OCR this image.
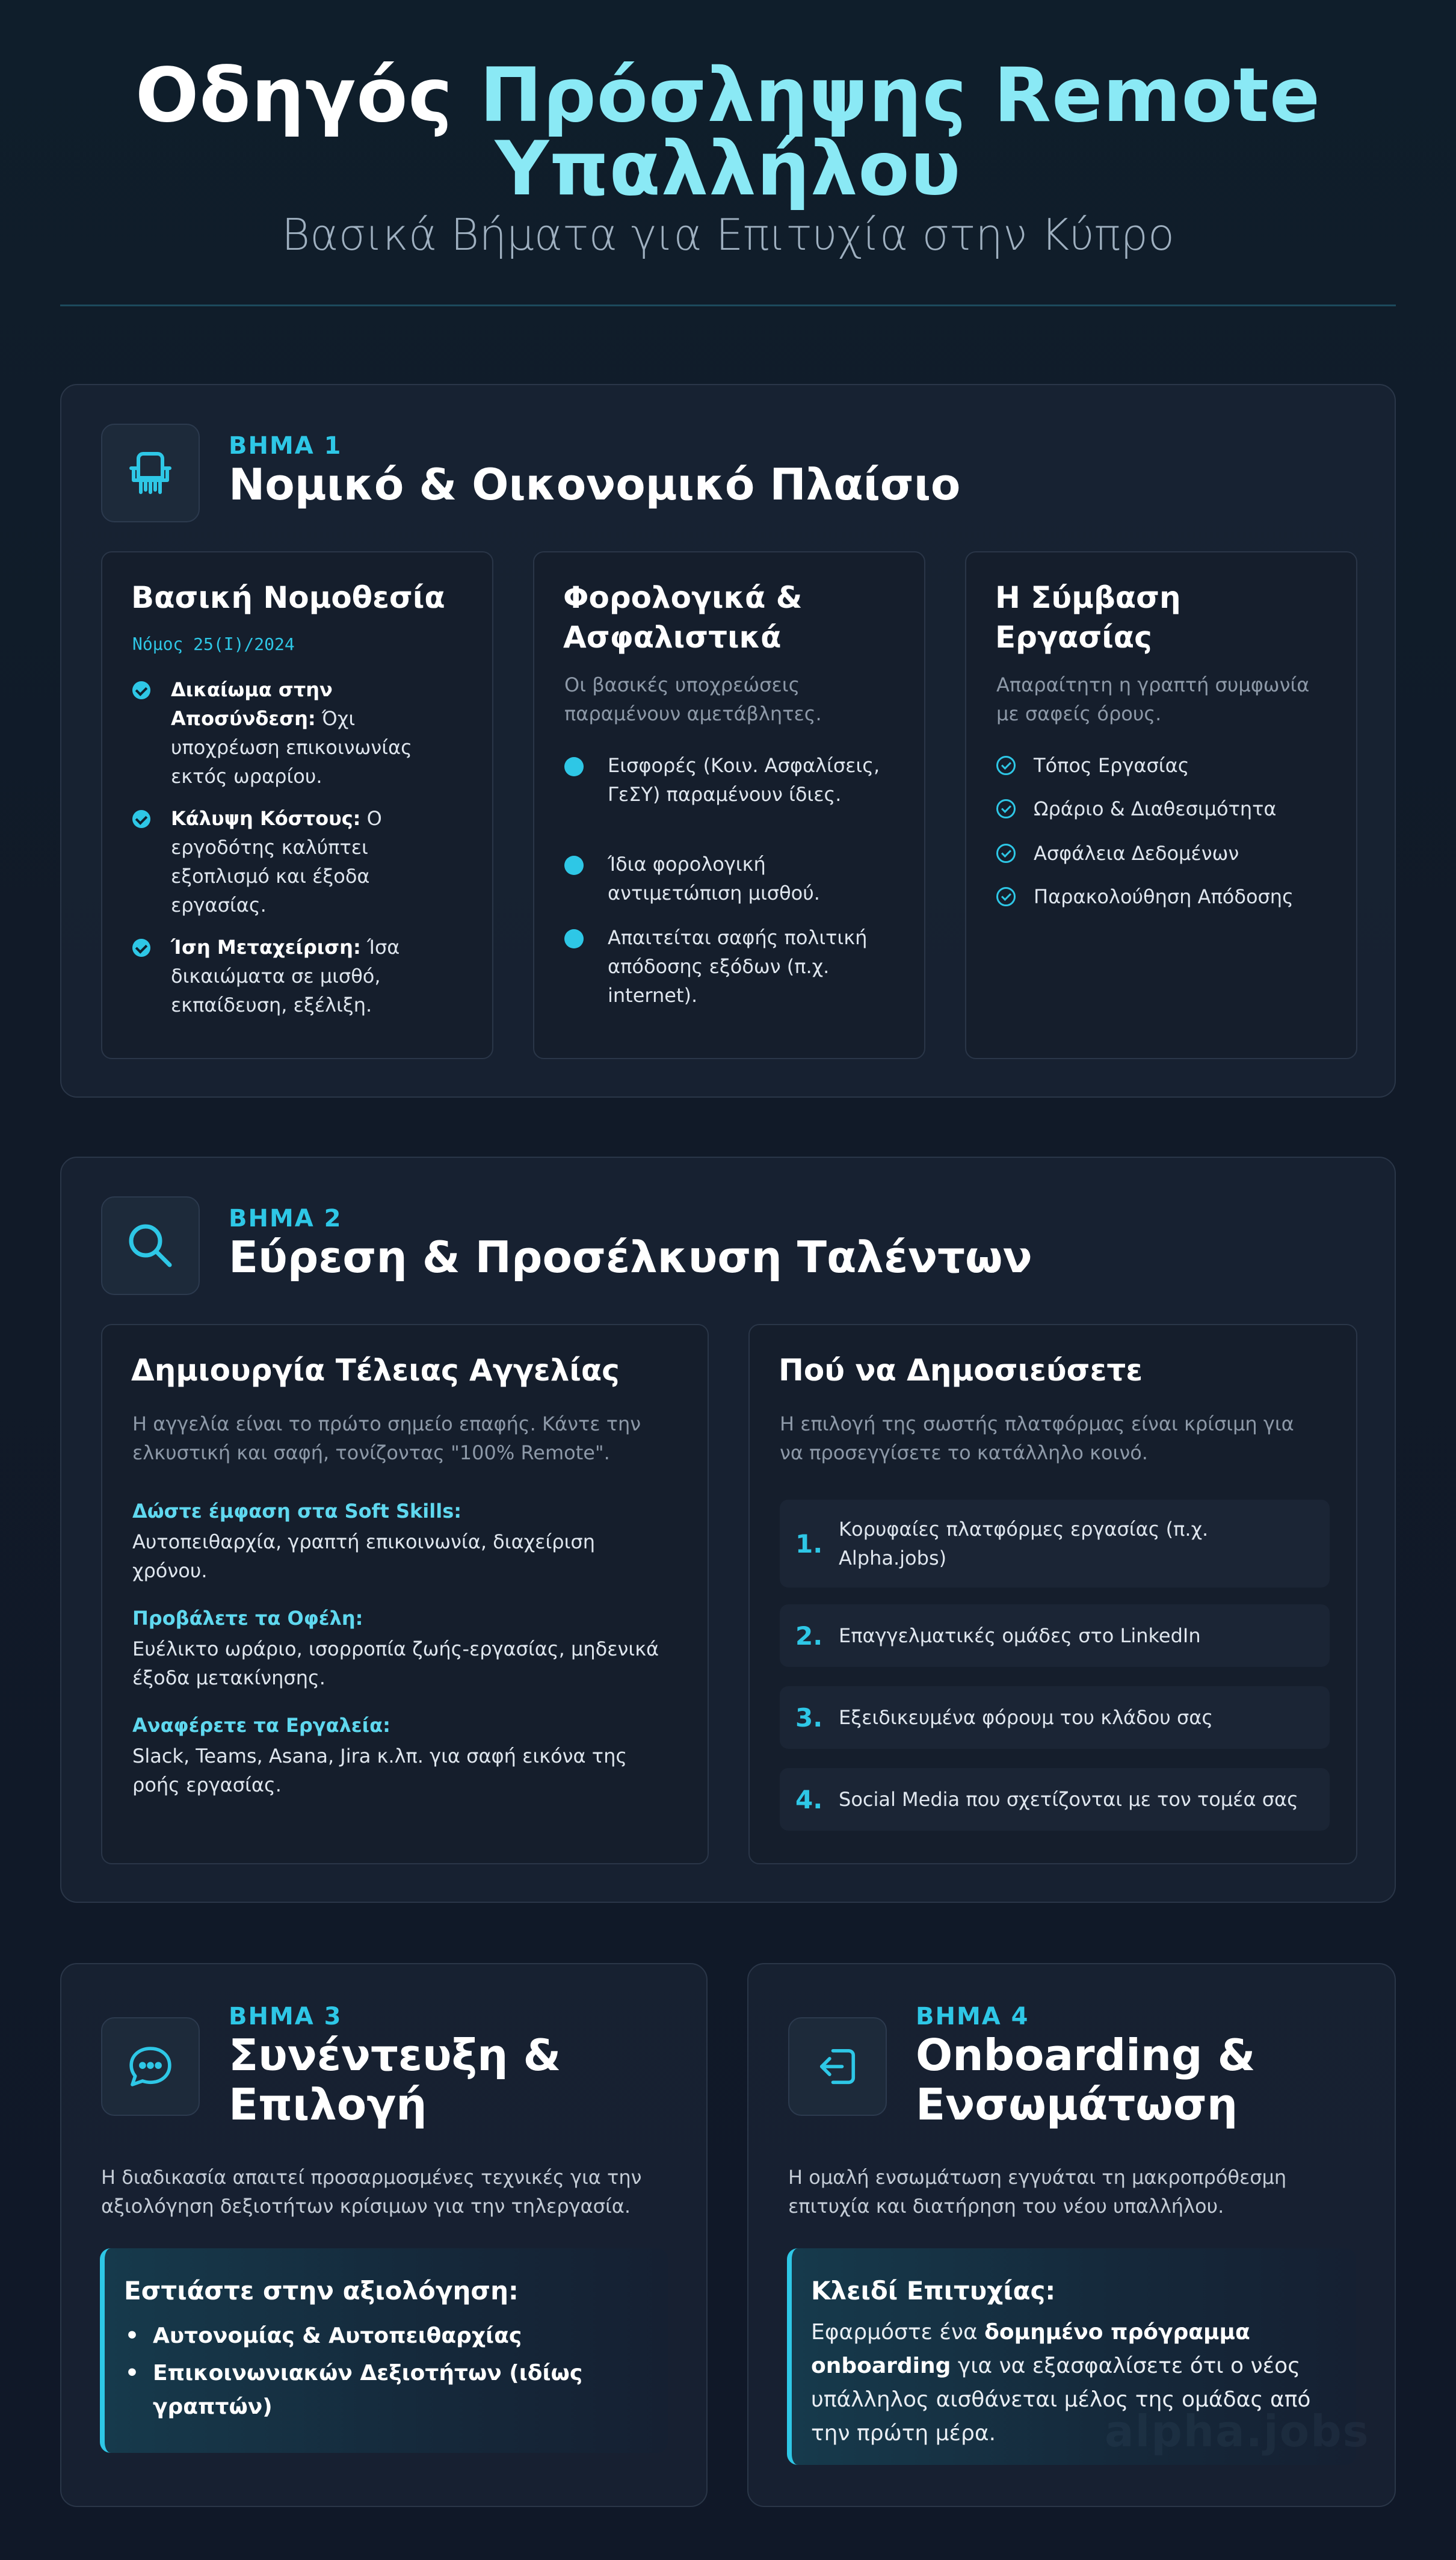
Οδηγός Πρόσληψης Remote
Υπαλλήλου
Βασικά Βήματα για Επιτυχία στην Κύπρο
ΒΗΜΑ 1
Νομικό & Οικονομικό Πλαίσιο
Βασική Νομοθεσία
Νόμος 25(Ι)/2024
Δικαίωμα στην Αποσύνδεση: Όχι υποχρέωση επικοινωνίας εκτός ωραρίου.
Κάλυψη Κόστους: Ο εργοδότης καλύπτει εξοπλισμό και έξοδα εργασίας.
Ίση Μεταχείριση: Ίσα δικαιώματα σε μισθό, εκπαίδευση, εξέλιξη.
Φορολογικά &
Ασφαλιστικά
Οι βασικές υποχρεώσεις παραμένουν αμετάβλητες.
Εισφορές (Κοιν. Ασφαλίσεις, ΓεΣΥ) παραμένουν ίδιες.
Ίδια φορολογική αντιμετώπιση μισθού.
Απαιτείται σαφής πολιτική απόδοσης εξόδων (π.χ. internet).
Η Σύμβαση
Εργασίας
Απαραίτητη η γραπτή συμφωνία με σαφείς όρους.
Τόπος Εργασίας
Ωράριο & Διαθεσιμότητα
Ασφάλεια Δεδομένων
Παρακολούθηση Απόδοσης
ΒΗΜΑ 2
Εύρεση & Προσέλκυση Ταλέντων
Δημιουργία Τέλειας Αγγελίας
Η αγγελία είναι το πρώτο σημείο επαφής. Κάντε την ελκυστική και σαφή, τονίζοντας "100% Remote".
Δώστε έμφαση στα Soft Skills:
Αυτοπειθαρχία, γραπτή επικοινωνία, διαχείριση χρόνου.
Προβάλετε τα Οφέλη:
Ευέλικτο ωράριο, ισορροπία ζωής-εργασίας, μηδενικά έξοδα μετακίνησης.
Αναφέρετε τα Εργαλεία:
Slack, Teams, Asana, Jira κ.λπ. για σαφή εικόνα της ροής εργασίας.
Πού να Δημοσιεύσετε
Η επιλογή της σωστής πλατφόρμας είναι κρίσιμη για να προσεγγίσετε το κατάλληλο κοινό.
1. Κορυφαίες πλατφόρμες εργασίας (π.χ. Alpha.jobs)
2. Επαγγελματικές ομάδες στο LinkedIn
3. Εξειδικευμένα φόρουμ του κλάδου σας
4. Social Media που σχετίζονται με τον τομέα σας
ΒΗΜΑ 3
Συνέντευξη &
Επιλογή
Η διαδικασία απαιτεί προσαρμοσμένες τεχνικές για την αξιολόγηση δεξιοτήτων κρίσιμων για την τηλεργασία.
Εστιάστε στην αξιολόγηση:
• Αυτονομίας & Αυτοπειθαρχίας
• Επικοινωνιακών Δεξιοτήτων (ιδίως γραπτών)
ΒΗΜΑ 4
Onboarding &
Ενσωμάτωση
Η ομαλή ενσωμάτωση εγγυάται τη μακροπρόθεσμη επιτυχία και διατήρηση του νέου υπαλλήλου.
Κλειδί Επιτυχίας:
Εφαρμόστε ένα δομημένο πρόγραμμα onboarding για να εξασφαλίσετε ότι ο νέος υπάλληλος αισθάνεται μέλος της ομάδας από την πρώτη μέρα.	alpha.jobs
